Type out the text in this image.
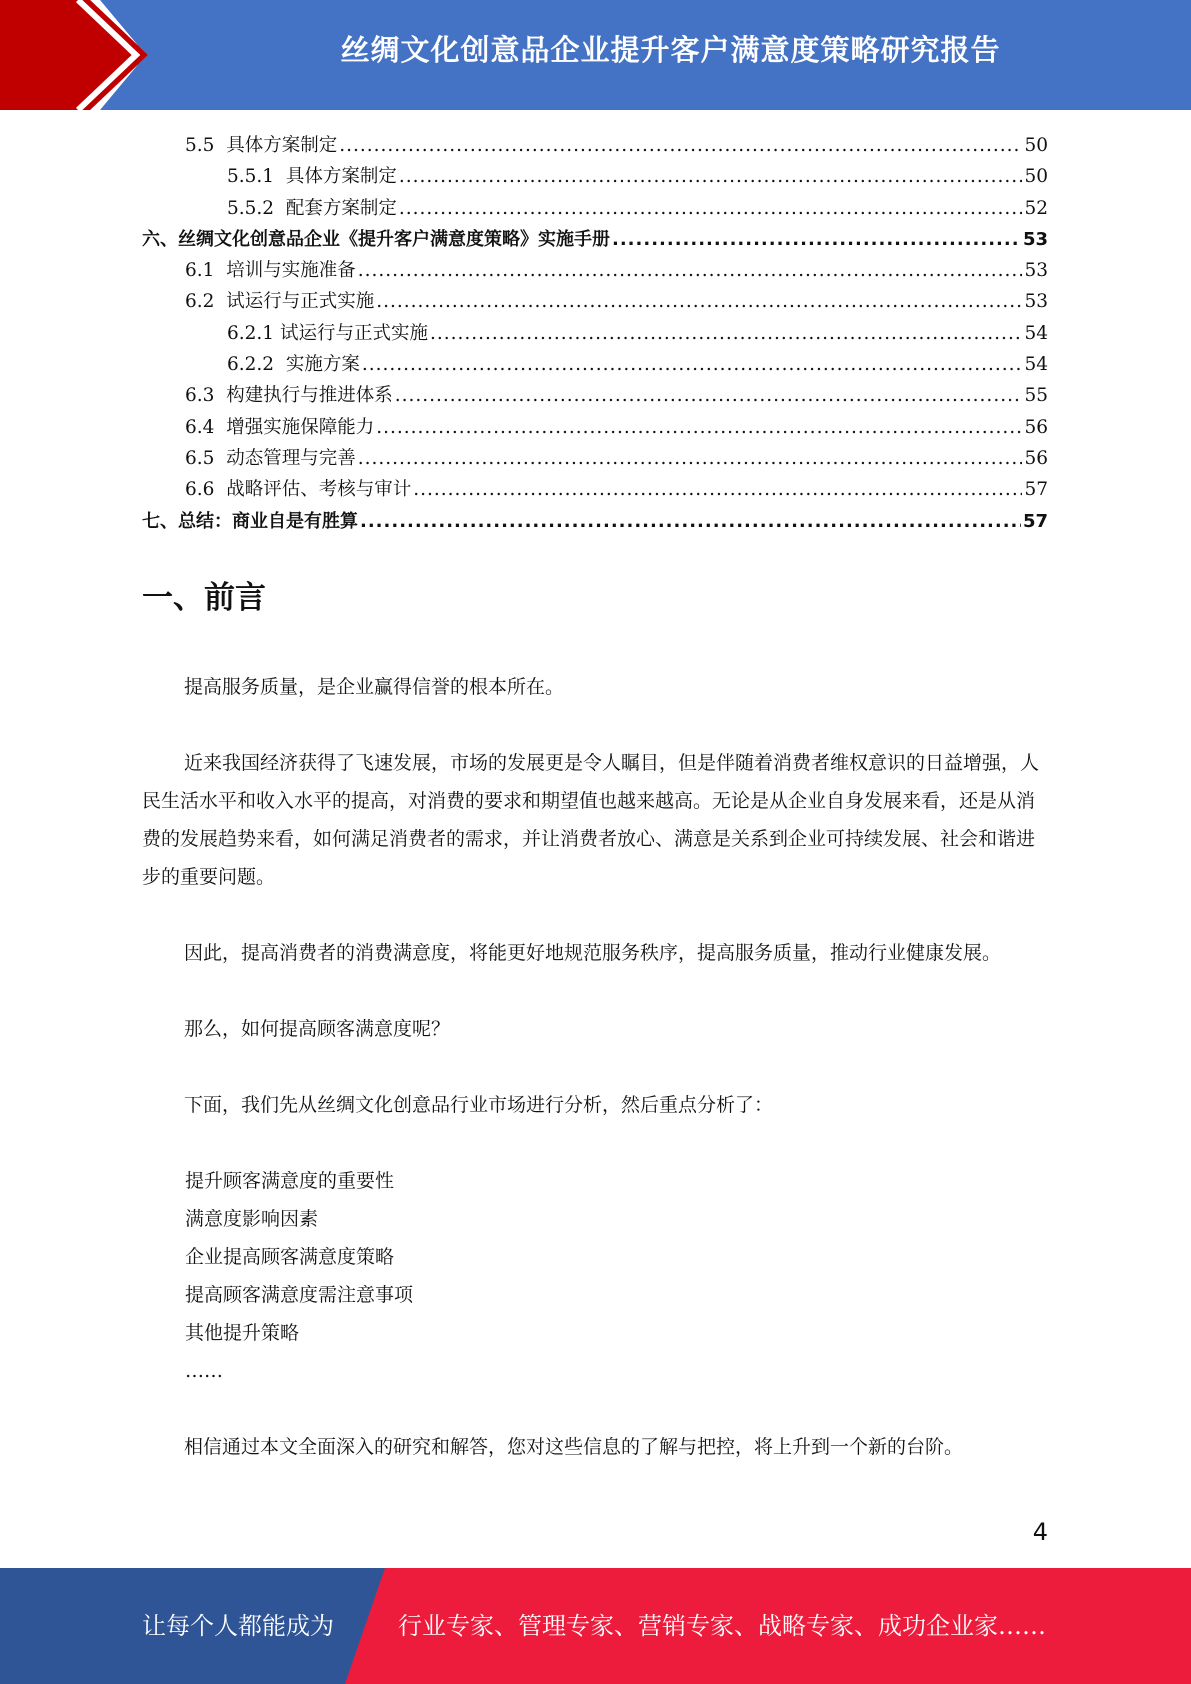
丝绸文化创意品企业提升客户满意度策略研究报告
5.5 具体方案制定 .....	50
5.5.1 具体方案制定 .....	50
5.5.2 配套方案制定 .....	52
六、丝绸文化创意品企业《提升客户满意度策略》实施手册 .....	53
6.1 培训与实施准备 .....	53
6.2 试运行与正式实施 .....	53
6.2.1 试运行与正式实施 .....	54
6.2.2 实施方案 .....	54
6.3 构建执行与推进体系 .....	55
6.4 增强实施保障能力 .....	56
6.5 动态管理与完善 .....	56
6.6 战略评估、考核与审计 .....	57
七、总结：商业自是有胜算 .....	57
一、前言

提高服务质量，是企业赢得信誉的根本所在。

近来我国经济获得了飞速发展，市场的发展更是令人瞩目，但是伴随着消费者维权意识的日益增强，人民生活水平和收入水平的提高，对消费的要求和期望值也越来越高。无论是从企业自身发展来看，还是从消费的发展趋势来看，如何满足消费者的需求，并让消费者放心、满意是关系到企业可持续发展、社会和谐进步的重要问题。

因此，提高消费者的消费满意度，将能更好地规范服务秩序，提高服务质量，推动行业健康发展。

那么，如何提高顾客满意度呢？

下面，我们先从丝绸文化创意品行业市场进行分析，然后重点分析了：

提升顾客满意度的重要性
满意度影响因素
企业提高顾客满意度策略
提高顾客满意度需注意事项
其他提升策略
……

相信通过本文全面深入的研究和解答，您对这些信息的了解与把控，将上升到一个新的台阶。

4
让每个人都能成为	行业专家、管理专家、营销专家、战略专家、成功企业家……
